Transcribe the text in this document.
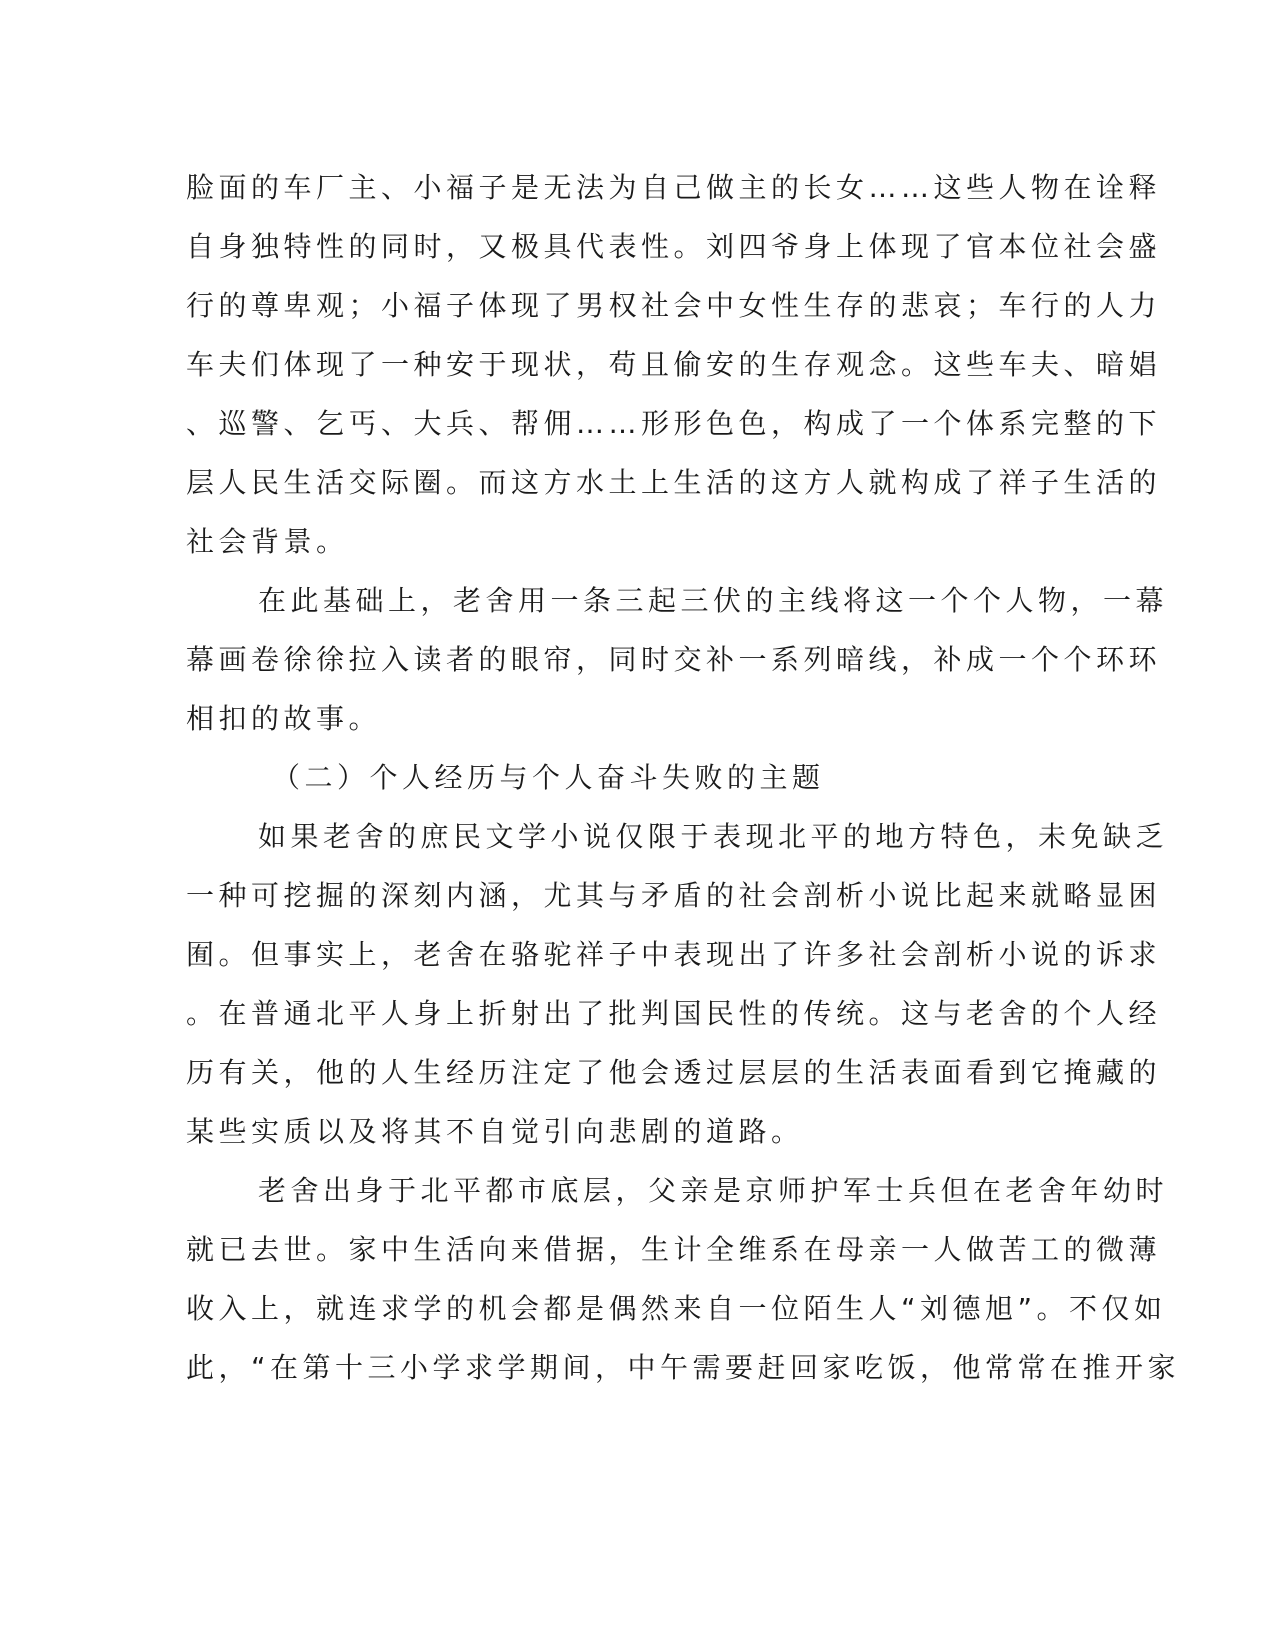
脸面的车厂主、小福子是无法为自己做主的长女……这些人物在诠释
自身独特性的同时，又极具代表性。刘四爷身上体现了官本位社会盛
行的尊卑观；小福子体现了男权社会中女性生存的悲哀；车行的人力
车夫们体现了一种安于现状，苟且偷安的生存观念。这些车夫、暗娼
、巡警、乞丐、大兵、帮佣……形形色色，构成了一个体系完整的下
层人民生活交际圈。而这方水土上生活的这方人就构成了祥子生活的
社会背景。
在此基础上，老舍用一条三起三伏的主线将这一个个人物，一幕
幕画卷徐徐拉入读者的眼帘，同时交补一系列暗线，补成一个个环环
相扣的故事。
（二）个人经历与个人奋斗失败的主题
如果老舍的庶民文学小说仅限于表现北平的地方特色，未免缺乏
一种可挖掘的深刻内涵，尤其与矛盾的社会剖析小说比起来就略显困
囿。但事实上，老舍在骆驼祥子中表现出了许多社会剖析小说的诉求
。在普通北平人身上折射出了批判国民性的传统。这与老舍的个人经
历有关，他的人生经历注定了他会透过层层的生活表面看到它掩藏的
某些实质以及将其不自觉引向悲剧的道路。
老舍出身于北平都市底层，父亲是京师护军士兵但在老舍年幼时
就已去世。家中生活向来借据，生计全维系在母亲一人做苦工的微薄
收入上，就连求学的机会都是偶然来自一位陌生人“刘德旭”。不仅如
此，“在第十三小学求学期间，中午需要赶回家吃饭，他常常在推开家
